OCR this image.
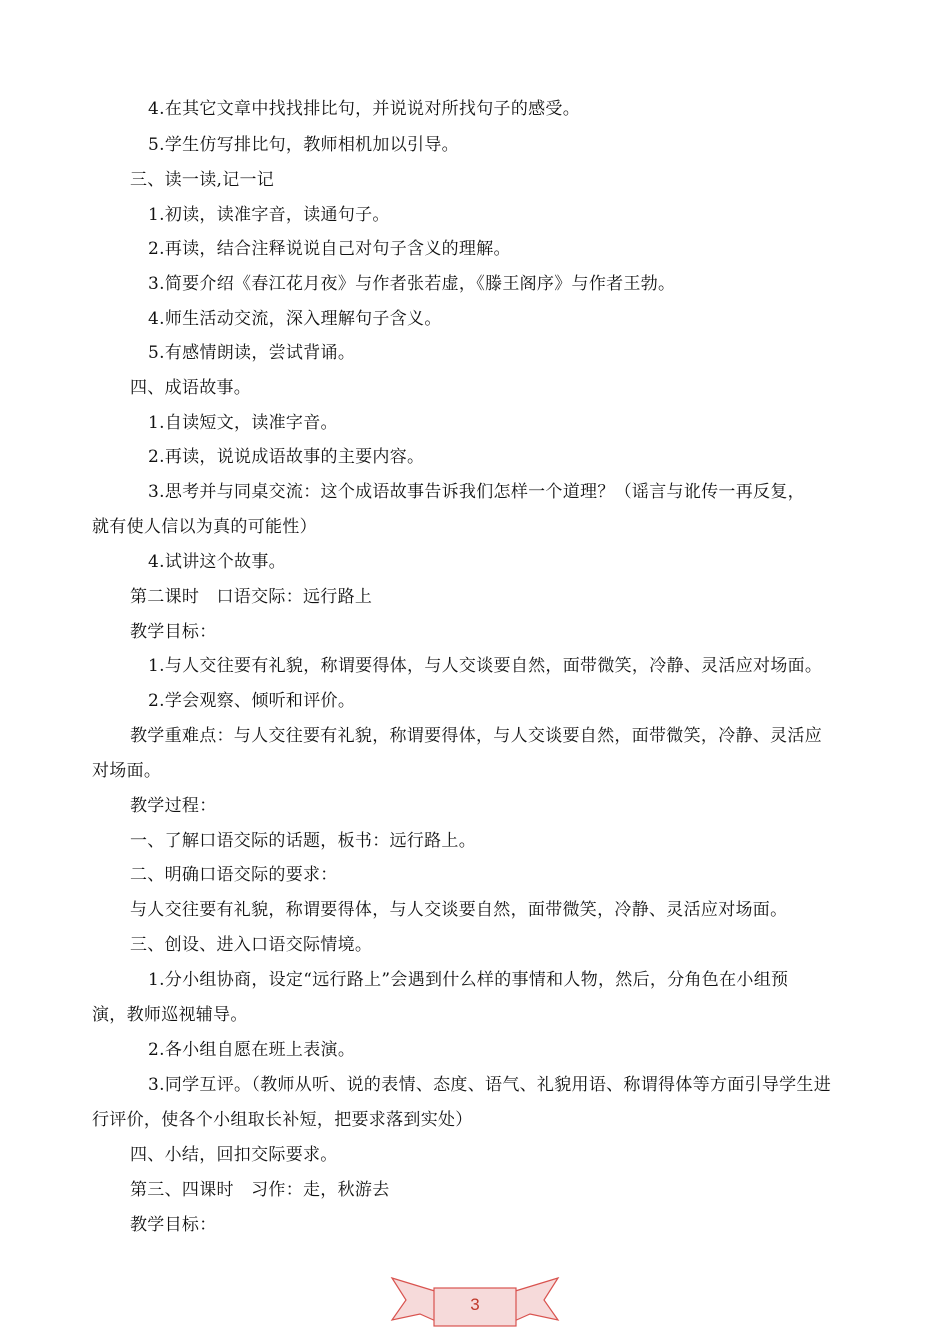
4.在其它文章中找找排比句，并说说对所找句子的感受。
5.学生仿写排比句，教师相机加以引导。
三、读一读,记一记
1.初读，读准字音，读通句子。
2.再读，结合注释说说自己对句子含义的理解。
3.简要介绍《春江花月夜》与作者张若虚，《滕王阁序》与作者王勃。
4.师生活动交流，深入理解句子含义。
5.有感情朗读，尝试背诵。
四、成语故事。
1.自读短文，读准字音。
2.再读，说说成语故事的主要内容。
3.思考并与同桌交流：这个成语故事告诉我们怎样一个道理？（谣言与讹传一再反复，
就有使人信以为真的可能性）
4.试讲这个故事。
第二课时　口语交际：远行路上
教学目标：
1.与人交往要有礼貌，称谓要得体，与人交谈要自然，面带微笑，冷静、灵活应对场面。
2.学会观察、倾听和评价。
教学重难点：与人交往要有礼貌，称谓要得体，与人交谈要自然，面带微笑，冷静、灵活应
对场面。
教学过程：
一、了解口语交际的话题，板书：远行路上。
二、明确口语交际的要求：
与人交往要有礼貌，称谓要得体，与人交谈要自然，面带微笑，冷静、灵活应对场面。
三、创设、进入口语交际情境。
1.分小组协商，设定“远行路上”会遇到什么样的事情和人物，然后，分角色在小组预
演，教师巡视辅导。
2.各小组自愿在班上表演。
3.同学互评。（教师从听、说的表情、态度、语气、礼貌用语、称谓得体等方面引导学生进
行评价，使各个小组取长补短，把要求落到实处）
四、小结，回扣交际要求。
第三、四课时　习作：走，秋游去
教学目标：
3
